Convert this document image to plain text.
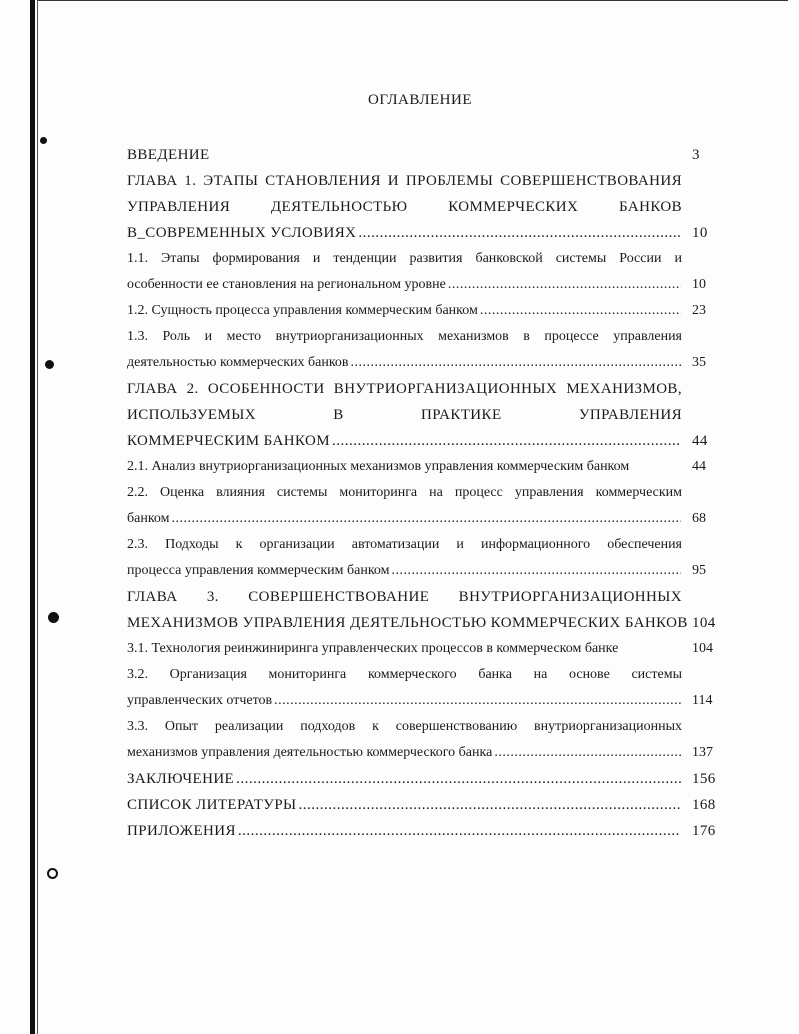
ОГЛАВЛЕНИЕ
ВВЕДЕНИЕ	3
ГЛАВА 1. ЭТАПЫ СТАНОВЛЕНИЯ И ПРОБЛЕМЫ СОВЕРШЕНСТВОВАНИЯ
УПРАВЛЕНИЯ ДЕЯТЕЛЬНОСТЬЮ КОММЕРЧЕСКИХ БАНКОВ
В_СОВРЕМЕННЫХ УСЛОВИЯХ .....	10
1.1. Этапы формирования и тенденции развития банковской системы России и
особенности ее становления на региональном уровне .....	10
1.2. Сущность процесса управления коммерческим банком .....	23
1.3. Роль и место внутриорганизационных механизмов в процессе управления
деятельностью коммерческих банков .....	35
ГЛАВА 2. ОСОБЕННОСТИ ВНУТРИОРГАНИЗАЦИОННЫХ МЕХАНИЗМОВ,
ИСПОЛЬЗУЕМЫХ В ПРАКТИКЕ УПРАВЛЕНИЯ
КОММЕРЧЕСКИМ БАНКОМ .....	44
2.1. Анализ внутриорганизационных механизмов управления коммерческим банком	44
2.2. Оценка влияния системы мониторинга на процесс управления коммерческим
банком .....	68
2.3. Подходы к организации автоматизации и информационного обеспечения
процесса управления коммерческим банком .....	95
ГЛАВА 3. СОВЕРШЕНСТВОВАНИЕ ВНУТРИОРГАНИЗАЦИОННЫХ
МЕХАНИЗМОВ УПРАВЛЕНИЯ ДЕЯТЕЛЬНОСТЬЮ КОММЕРЧЕСКИХ БАНКОВ 104
3.1. Технология реинжиниринга управленческих процессов в коммерческом банке	104
3.2. Организация мониторинга коммерческого банка на основе системы
управленческих отчетов .....	114
3.3. Опыт реализации подходов к совершенствованию внутриорганизационных
механизмов управления деятельностью коммерческого банка .....	137
ЗАКЛЮЧЕНИЕ .....	156
СПИСОК ЛИТЕРАТУРЫ .....	168
ПРИЛОЖЕНИЯ .....	176
